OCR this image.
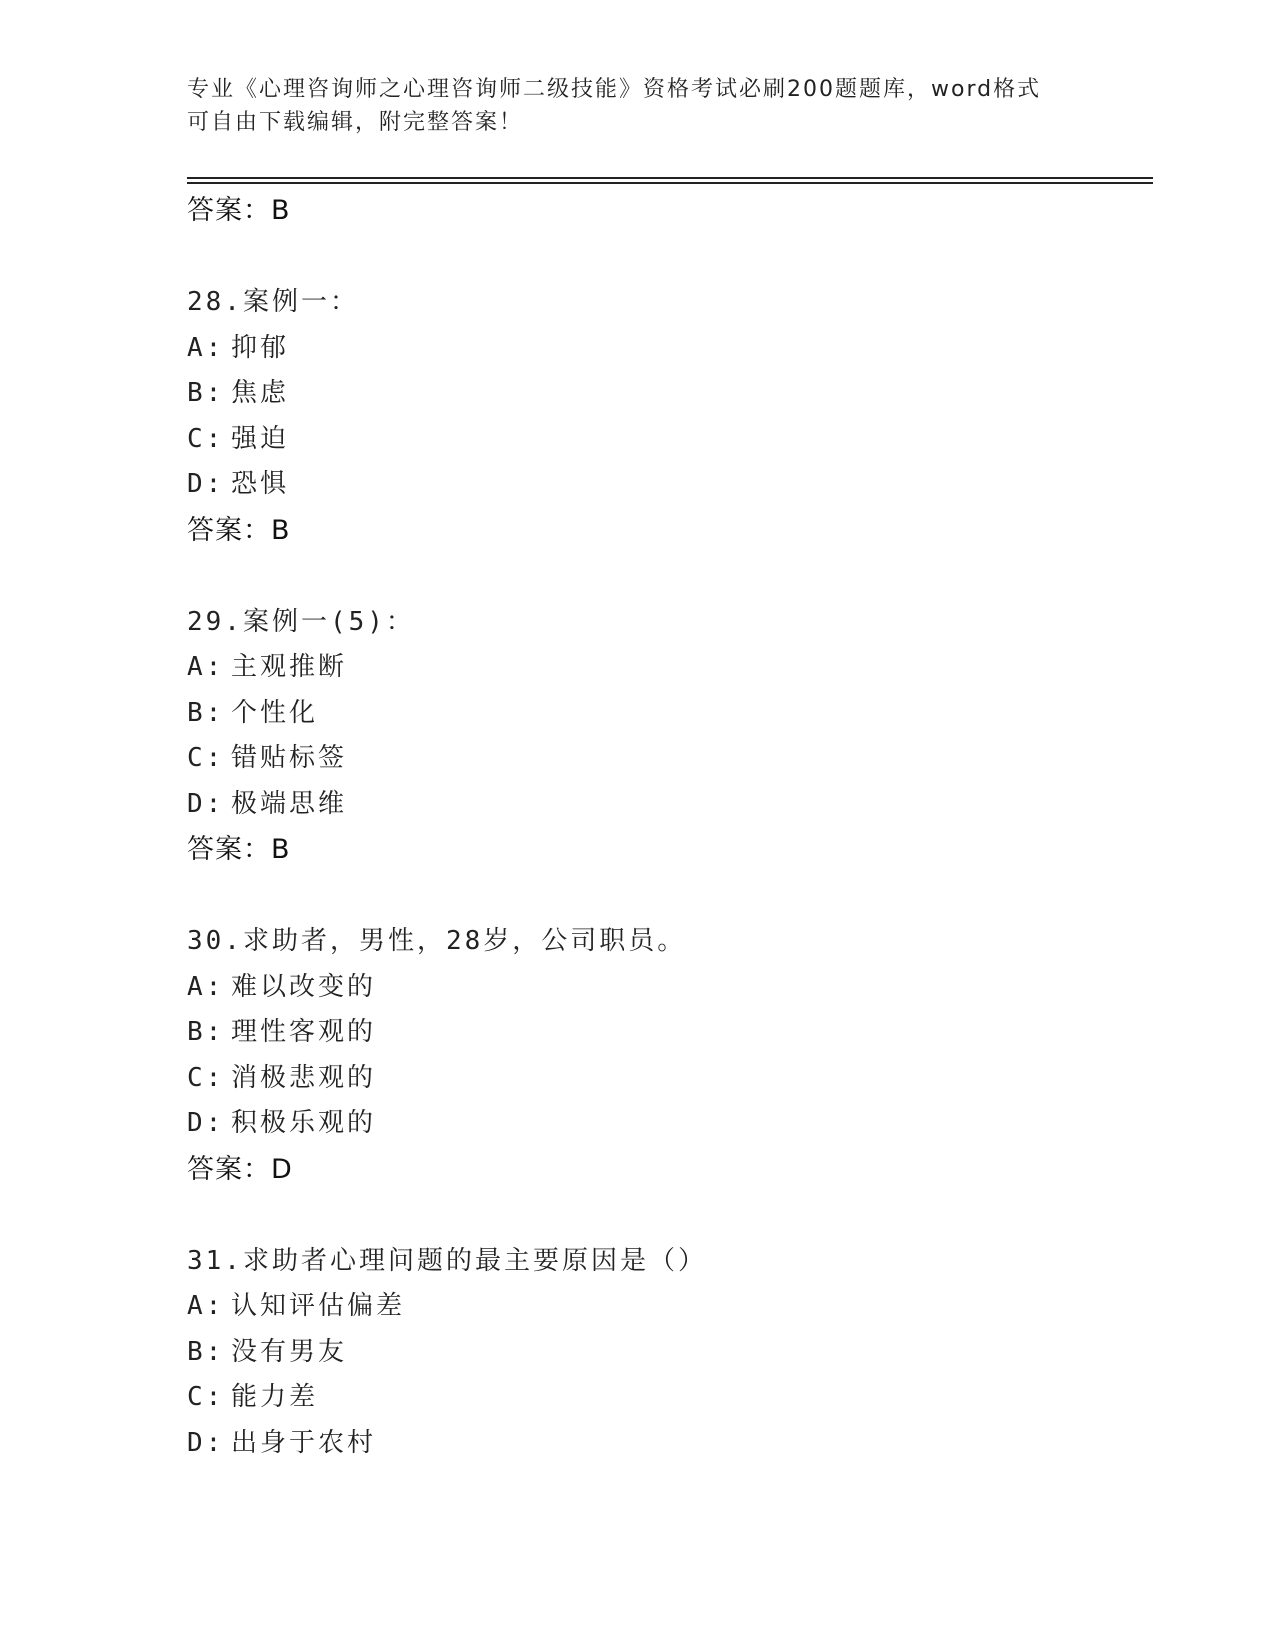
专业《心理咨询师之心理咨询师二级技能》资格考试必刷200题题库，word格式
可自由下载编辑，附完整答案！
答案：B
28.案例一：
A: 抑郁
B: 焦虑
C: 强迫
D: 恐惧
答案：B
29.案例一(5)：
A: 主观推断
B: 个性化
C: 错贴标签
D: 极端思维
答案：B
30.求助者，男性，28岁，公司职员。
A: 难以改变的
B: 理性客观的
C: 消极悲观的
D: 积极乐观的
答案：D
31.求助者心理问题的最主要原因是（）
A: 认知评估偏差
B: 没有男友
C: 能力差
D: 出身于农村
